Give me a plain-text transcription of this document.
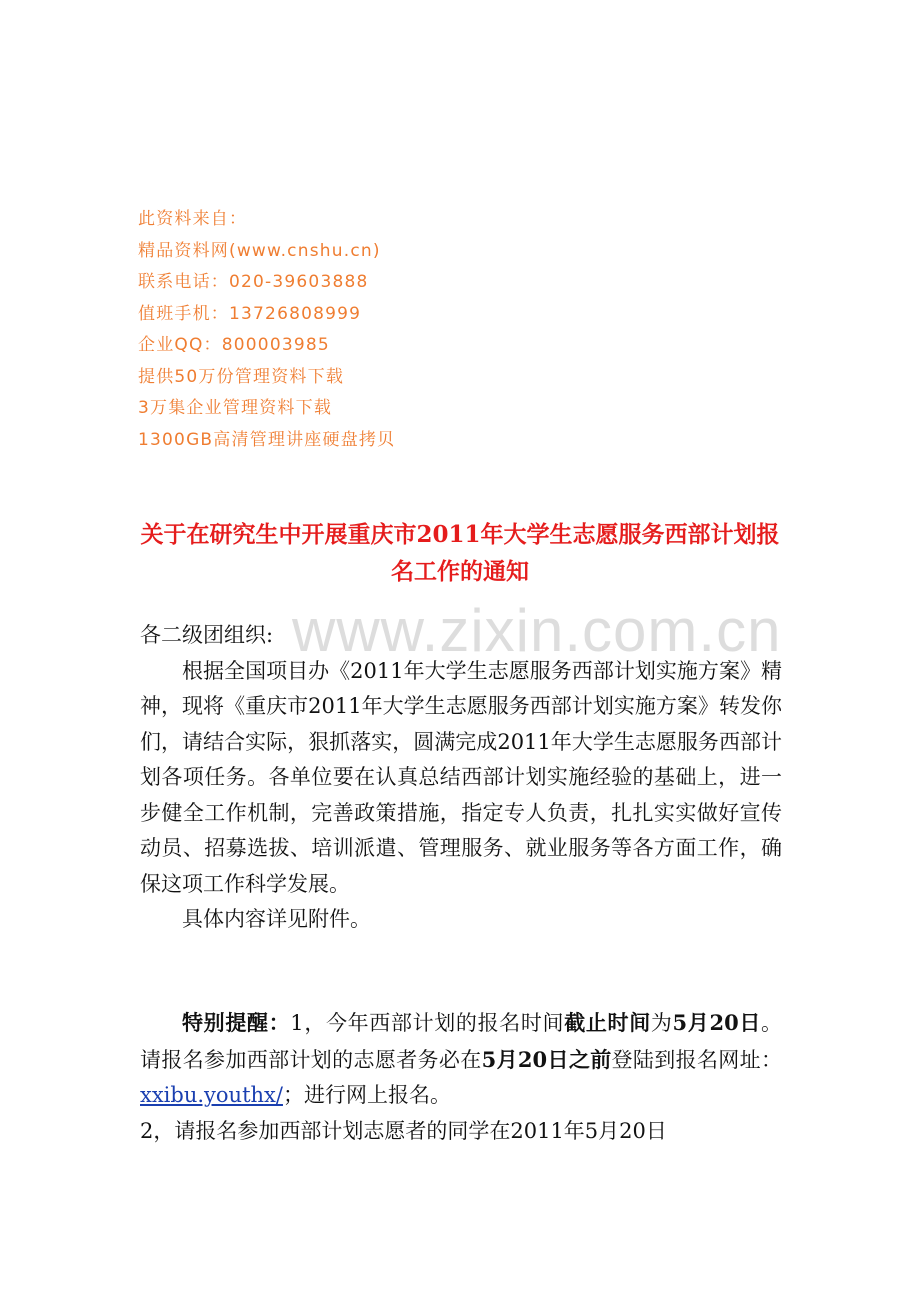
此资料来自：
精品资料网(www.cnshu.cn)
联系电话：020-39603888
值班手机：13726808999
企业QQ：800003985
提供50万份管理资料下载
3万集企业管理资料下载
1300GB高清管理讲座硬盘拷贝
关于在研究生中开展重庆市2011年大学生志愿服务西部计划报名工作的通知
www.zixin.com.cn
各二级团组织:
根据全国项目办《2011年大学生志愿服务西部计划实施方案》精神，现将《重庆市2011年大学生志愿服务西部计划实施方案》转发你们，请结合实际，狠抓落实，圆满完成2011年大学生志愿服务西部计划各项任务。各单位要在认真总结西部计划实施经验的基础上，进一步健全工作机制，完善政策措施，指定专人负责，扎扎实实做好宣传动员、招募选拔、培训派遣、管理服务、就业服务等各方面工作，确保这项工作科学发展。
具体内容详见附件。
特别提醒：1，今年西部计划的报名时间截止时间为5月20日。请报名参加西部计划的志愿者务必在5月20日之前登陆到报名网址：xxibu.youthx/；进行网上报名。
2，请报名参加西部计划志愿者的同学在2011年5月20日
